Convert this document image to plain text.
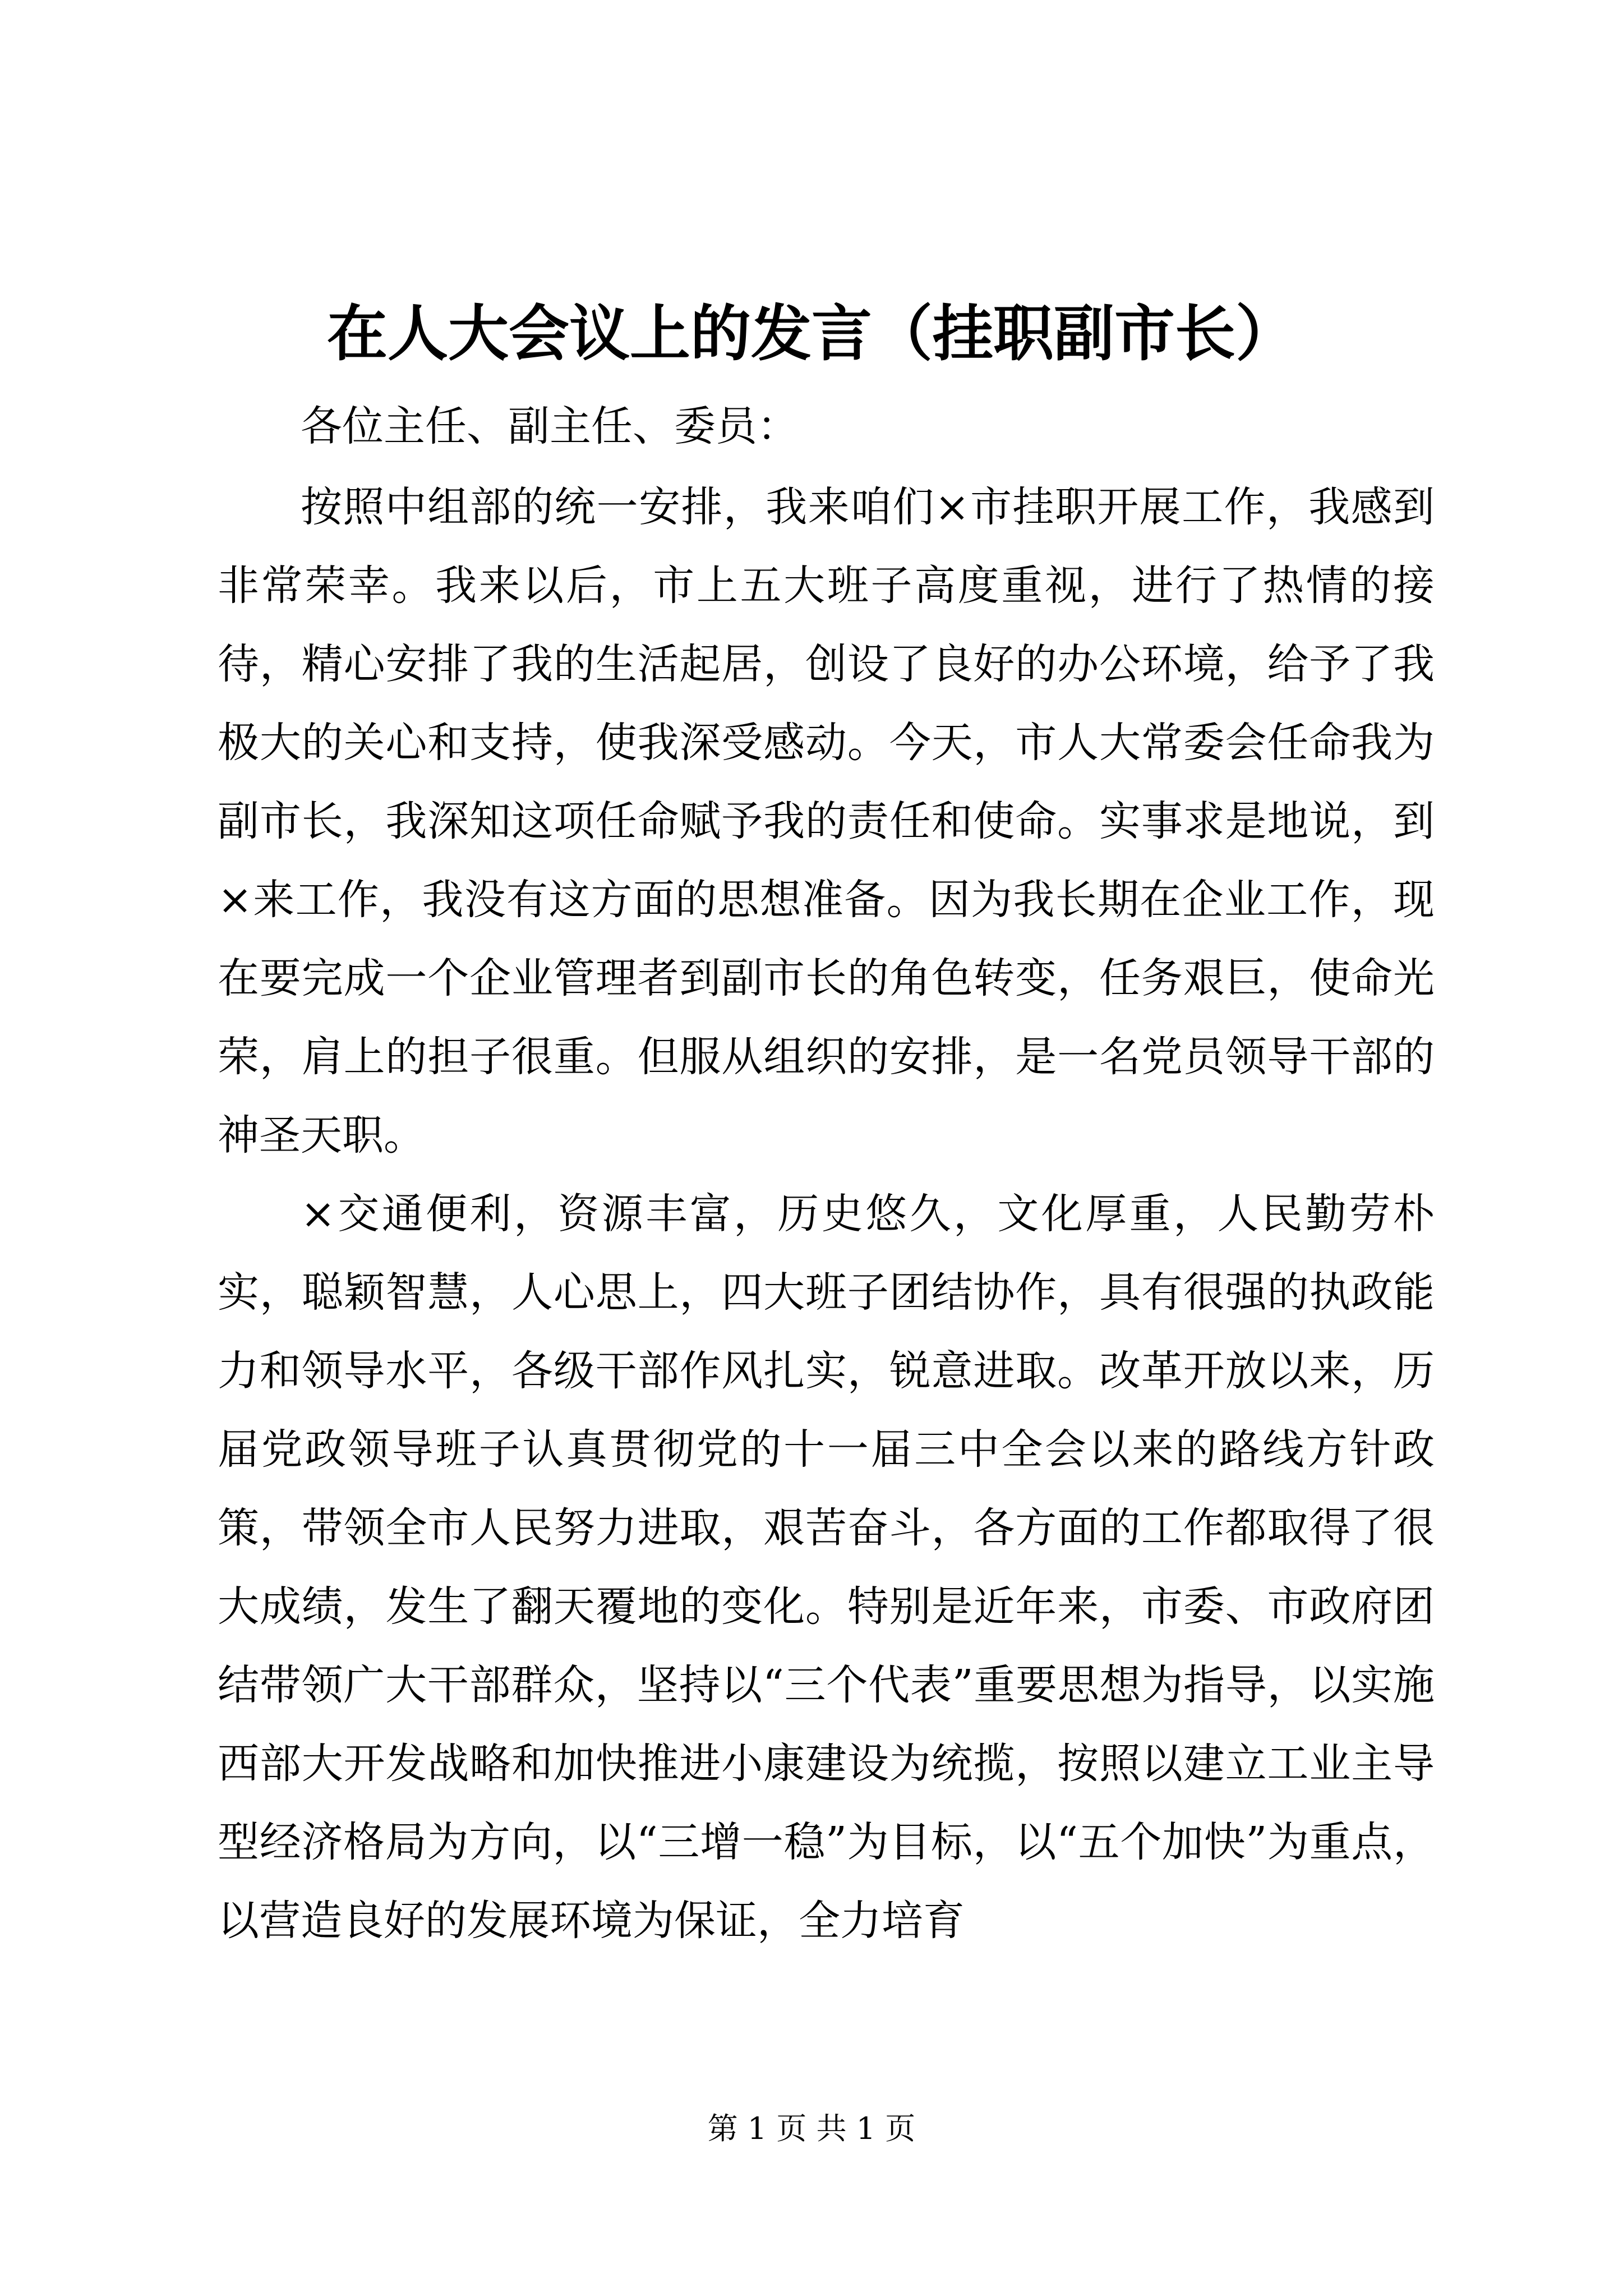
在人大会议上的发言（挂职副市长）

各位主任、副主任、委员：

按照中组部的统一安排，我来咱们×市挂职开展工作，我感到非常荣幸。我来以后，市上五大班子高度重视，进行了热情的接待，精心安排了我的生活起居，创设了良好的办公环境，给予了我极大的关心和支持，使我深受感动。今天，市人大常委会任命我为副市长，我深知这项任命赋予我的责任和使命。实事求是地说，到×来工作，我没有这方面的思想准备。因为我长期在企业工作，现在要完成一个企业管理者到副市长的角色转变，任务艰巨，使命光荣，肩上的担子很重。但服从组织的安排，是一名党员领导干部的神圣天职。

×交通便利，资源丰富，历史悠久，文化厚重，人民勤劳朴实，聪颖智慧，人心思上，四大班子团结协作，具有很强的执政能力和领导水平，各级干部作风扎实，锐意进取。改革开放以来，历届党政领导班子认真贯彻党的十一届三中全会以来的路线方针政策，带领全市人民努力进取，艰苦奋斗，各方面的工作都取得了很大成绩，发生了翻天覆地的变化。特别是近年来，市委、市政府团结带领广大干部群众，坚持以“三个代表”重要思想为指导，以实施西部大开发战略和加快推进小康建设为统揽，按照以建立工业主导型经济格局为方向，以“三增一稳”为目标，以“五个加快”为重点，以营造良好的发展环境为保证，全力培育

第 1 页 共 1 页
